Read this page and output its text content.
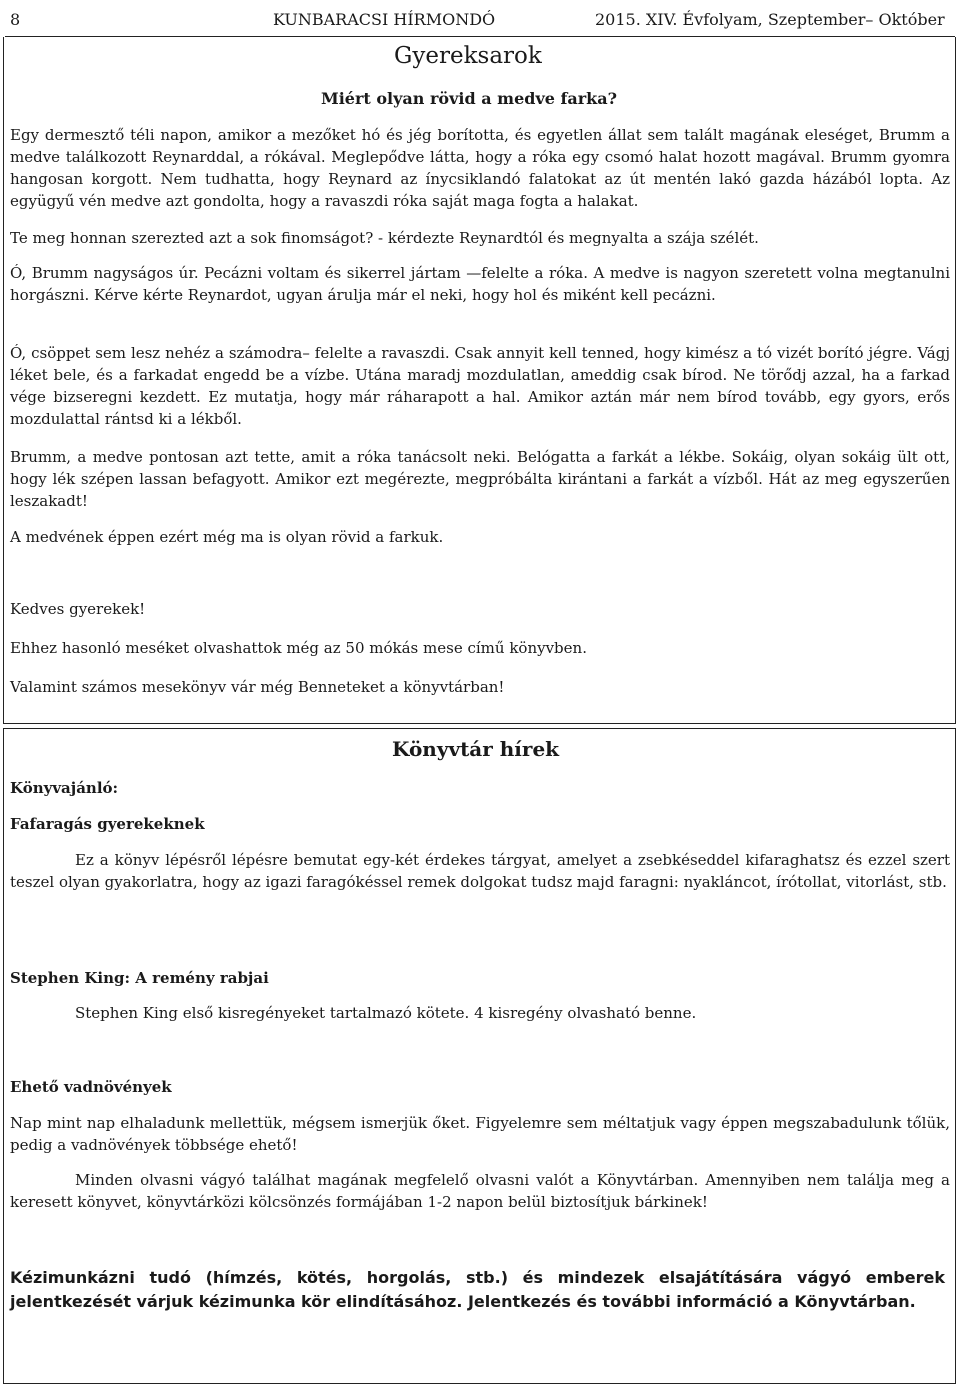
8	KUNBARACSI HÍRMONDÓ	2015. XIV. Évfolyam, Szeptember– Október
Gyereksarok
Miért olyan rövid a medve farka?

Egy dermesztő téli napon, amikor a mezőket hó és jég borította, és egyetlen állat sem talált magának eleséget, Brumm a medve találkozott Reynarddal, a rókával. Meglepődve látta, hogy a róka egy csomó halat hozott magával. Brumm gyomra hangosan korgott. Nem tudhatta, hogy Reynard az ínycsiklandó falatokat az út mentén lakó gazda házából lopta. Az együgyű vén medve azt gondolta, hogy a ravaszdi róka saját maga fogta a halakat.

Te meg honnan szerezted azt a sok finomságot? - kérdezte Reynardtól és megnyalta a szája szélét.

Ó, Brumm nagyságos úr. Pecázni voltam és sikerrel jártam —felelte a róka. A medve is nagyon szeretett volna megtanulni horgászni. Kérve kérte Reynardot, ugyan árulja már el neki, hogy hol és miként kell pecázni.

Ó, csöppet sem lesz nehéz a számodra– felelte a ravaszdi. Csak annyit kell tenned, hogy kimész a tó vizét borító jégre. Vágj léket bele, és a farkadat engedd be a vízbe. Utána maradj mozdulatlan, ameddig csak bírod. Ne törődj azzal, ha a farkad vége bizseregni kezdett. Ez mutatja, hogy már ráharapott a hal. Amikor aztán már nem bírod tovább, egy gyors, erős mozdulattal rántsd ki a lékből.

Brumm, a medve pontosan azt tette, amit a róka tanácsolt neki. Belógatta a farkát a lékbe. Sokáig, olyan sokáig ült ott, hogy lék szépen lassan befagyott. Amikor ezt megérezte, megpróbálta kirántani a farkát a vízből. Hát az meg egyszerűen leszakadt!

A medvének éppen ezért még ma is olyan rövid a farkuk.

Kedves gyerekek!

Ehhez hasonló meséket olvashattok még az 50 mókás mese című könyvben.

Valamint számos mesekönyv vár még Benneteket a könyvtárban!

Könyvtár hírek

Könyvajánló:

Fafaragás gyerekeknek

Ez a könyv lépésről lépésre bemutat egy-két érdekes tárgyat, amelyet a zsebkéseddel kifaraghatsz és ezzel szert teszel olyan gyakorlatra, hogy az igazi faragókéssel remek dolgokat tudsz majd faragni: nyakláncot, írótollat, vitorlást, stb.

Stephen King: A remény rabjai

Stephen King első kisregényeket tartalmazó kötete. 4 kisregény olvasható benne.

Ehető vadnövények

Nap mint nap elhaladunk mellettük, mégsem ismerjük őket. Figyelemre sem méltatjuk vagy éppen megszabadulunk tőlük, pedig a vadnövények többsége ehető!

Minden olvasni vágyó találhat magának megfelelő olvasni valót a Könyvtárban. Amennyiben nem találja meg a keresett könyvet, könyvtárközi kölcsönzés formájában 1-2 napon belül biztosítjuk bárkinek!

Kézimunkázni tudó (hímzés, kötés, horgolás, stb.) és mindezek elsajátítására vágyó emberek jelentkezését várjuk kézimunka kör elindításához. Jelentkezés és további információ a Könyvtárban.
